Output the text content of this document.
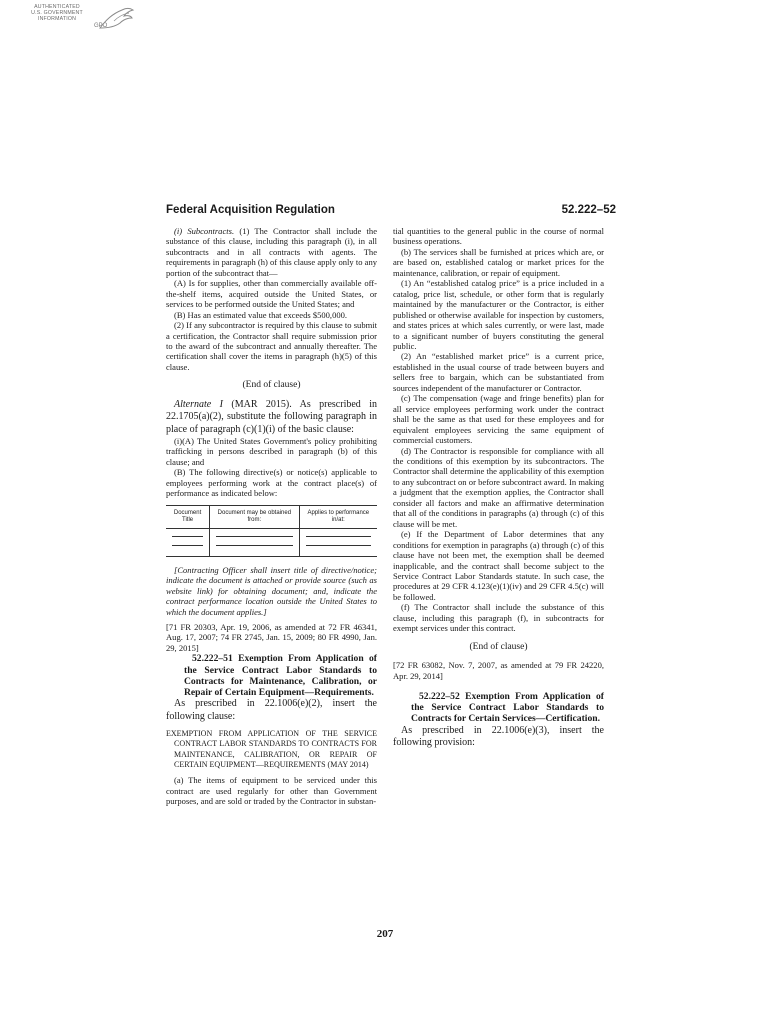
AUTHENTICATED
U.S. GOVERNMENT
INFORMATION
GPO
Federal Acquisition Regulation	52.222–52

(i) Subcontracts. (1) The Contractor shall include the substance of this clause, including this paragraph (i), in all subcontracts and in all contracts with agents. The requirements in paragraph (h) of this clause apply only to any portion of the subcontract that—

(A) Is for supplies, other than commercially available off-the-shelf items, acquired outside the United States, or services to be performed outside the United States; and

(B) Has an estimated value that exceeds $500,000.

(2) If any subcontractor is required by this clause to submit a certification, the Contractor shall require submission prior to the award of the subcontract and annually thereafter. The certification shall cover the items in paragraph (h)(5) of this clause.

(End of clause)

Alternate I (MAR 2015). As prescribed in 22.1705(a)(2), substitute the following paragraph in place of paragraph (c)(1)(i) of the basic clause:

(i)(A) The United States Government's policy prohibiting trafficking in persons described in paragraph (b) of this clause; and

(B) The following directive(s) or notice(s) applicable to employees performing work at the contract place(s) of performance as indicated below:

Document Title	Document may be obtained from:	Applies to performance in/at:

[Contracting Officer shall insert title of directive/notice; indicate the document is attached or provide source (such as website link) for obtaining document; and, indicate the contract performance location outside the United States to which the document applies.]

[71 FR 20303, Apr. 19, 2006, as amended at 72 FR 46341, Aug. 17, 2007; 74 FR 2745, Jan. 15, 2009; 80 FR 4990, Jan. 29, 2015]

52.222–51 Exemption From Application of the Service Contract Labor Standards to Contracts for Maintenance, Calibration, or Repair of Certain Equipment—Requirements.

As prescribed in 22.1006(e)(2), insert the following clause:

EXEMPTION FROM APPLICATION OF THE SERVICE CONTRACT LABOR STANDARDS TO CONTRACTS FOR MAINTENANCE, CALIBRATION, OR REPAIR OF CERTAIN EQUIPMENT—REQUIREMENTS (MAY 2014)

(a) The items of equipment to be serviced under this contract are used regularly for other than Government purposes, and are sold or traded by the Contractor in substan-

tial quantities to the general public in the course of normal business operations.

(b) The services shall be furnished at prices which are, or are based on, established catalog or market prices for the maintenance, calibration, or repair of equipment.

(1) An “established catalog price” is a price included in a catalog, price list, schedule, or other form that is regularly maintained by the manufacturer or the Contractor, is either published or otherwise available for inspection by customers, and states prices at which sales currently, or were last, made to a significant number of buyers constituting the general public.

(2) An “established market price” is a current price, established in the usual course of trade between buyers and sellers free to bargain, which can be substantiated from sources independent of the manufacturer or Contractor.

(c) The compensation (wage and fringe benefits) plan for all service employees performing work under the contract shall be the same as that used for these employees and for equivalent employees servicing the same equipment of commercial customers.

(d) The Contractor is responsible for compliance with all the conditions of this exemption by its subcontractors. The Contractor shall determine the applicability of this exemption to any subcontract on or before subcontract award. In making a judgment that the exemption applies, the Contractor shall consider all factors and make an affirmative determination that all of the conditions in paragraphs (a) through (c) of this clause will be met.

(e) If the Department of Labor determines that any conditions for exemption in paragraphs (a) through (c) of this clause have not been met, the exemption shall be deemed inapplicable, and the contract shall become subject to the Service Contract Labor Standards statute. In such case, the procedures at 29 CFR 4.123(e)(1)(iv) and 29 CFR 4.5(c) will be followed.

(f) The Contractor shall include the substance of this clause, including this paragraph (f), in subcontracts for exempt services under this contract.

(End of clause)

[72 FR 63082, Nov. 7, 2007, as amended at 79 FR 24220, Apr. 29, 2014]

52.222–52 Exemption From Application of the Service Contract Labor Standards to Contracts for Certain Services—Certification.

As prescribed in 22.1006(e)(3), insert the following provision:

207
